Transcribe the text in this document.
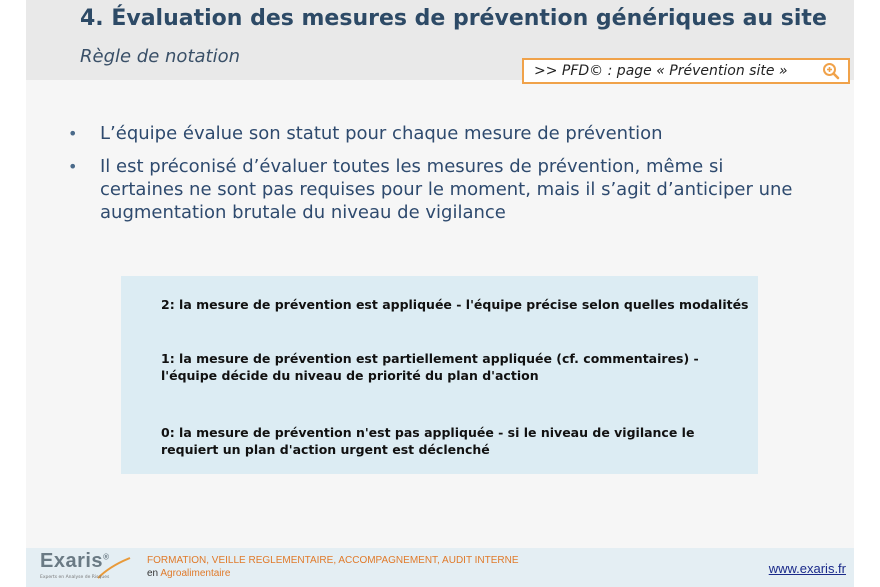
4. Évaluation des mesures de prévention génériques au site
Règle de notation
>> PFD© : page « Prévention site »
• L’équipe évalue son statut pour chaque mesure de prévention
• Il est préconisé d’évaluer toutes les mesures de prévention, même si certaines ne sont pas requises pour le moment, mais il s’agit d’anticiper une augmentation brutale du niveau de vigilance
2: la mesure de prévention est appliquée - l'équipe précise selon quelles modalités
1: la mesure de prévention est partiellement appliquée (cf. commentaires) - l'équipe décide du niveau de priorité du plan d'action
0: la mesure de prévention n'est pas appliquée - si le niveau de vigilance le requiert un plan d'action urgent est déclenché
Exaris®
Experts en Analyse de Risques
FORMATION, VEILLE REGLEMENTAIRE, ACCOMPAGNEMENT, AUDIT INTERNE
en Agroalimentaire	www.exaris.fr
